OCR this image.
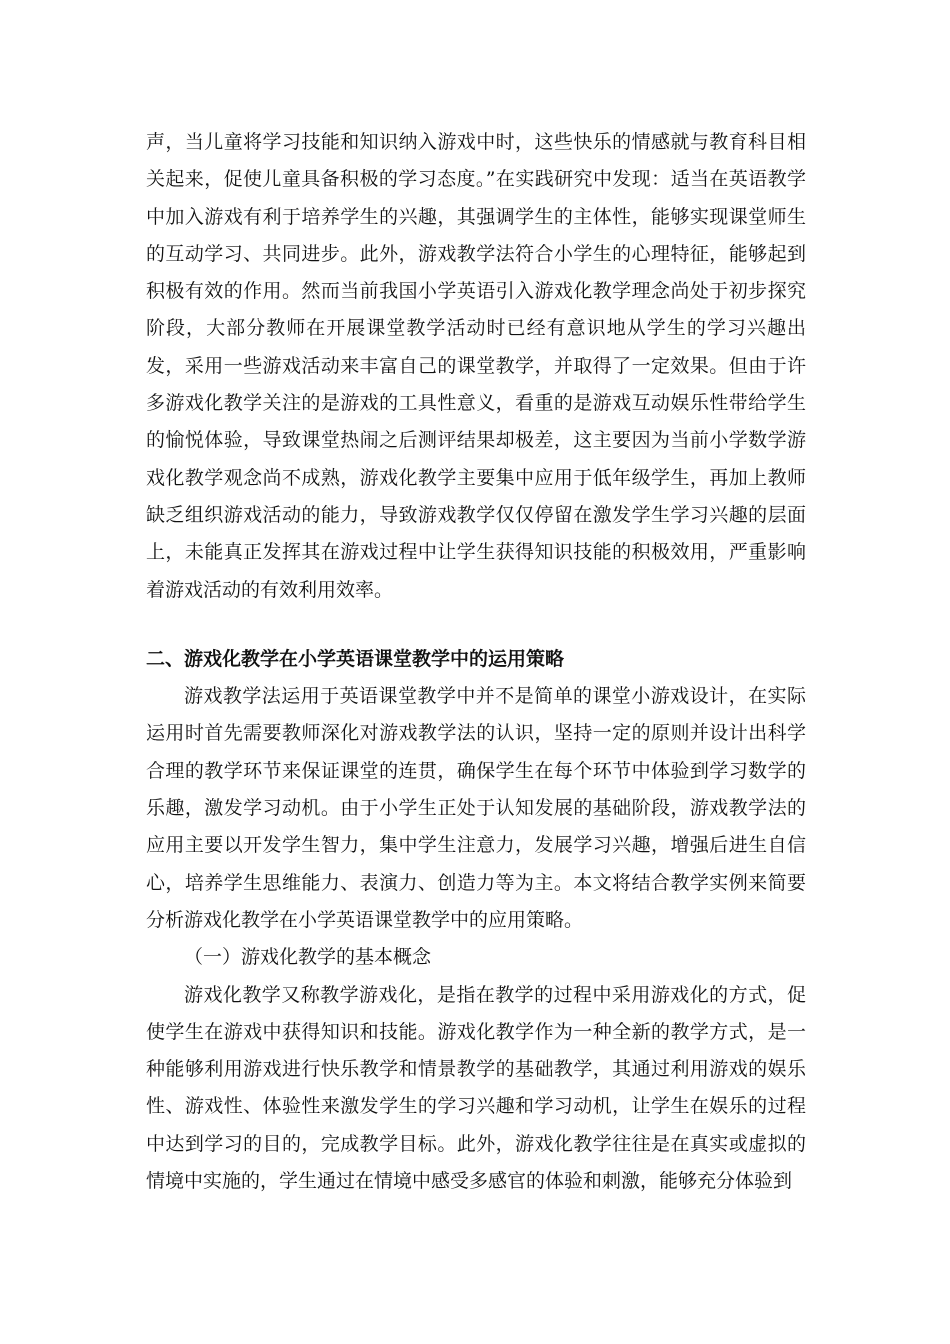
声，当儿童将学习技能和知识纳入游戏中时，这些快乐的情感就与教育科目相关起来，促使儿童具备积极的学习态度。”在实践研究中发现：适当在英语教学中加入游戏有利于培养学生的兴趣，其强调学生的主体性，能够实现课堂师生的互动学习、共同进步。此外，游戏教学法符合小学生的心理特征，能够起到积极有效的作用。然而当前我国小学英语引入游戏化教学理念尚处于初步探究阶段，大部分教师在开展课堂教学活动时已经有意识地从学生的学习兴趣出发，采用一些游戏活动来丰富自己的课堂教学，并取得了一定效果。但由于许多游戏化教学关注的是游戏的工具性意义，看重的是游戏互动娱乐性带给学生的愉悦体验，导致课堂热闹之后测评结果却极差，这主要因为当前小学数学游戏化教学观念尚不成熟，游戏化教学主要集中应用于低年级学生，再加上教师缺乏组织游戏活动的能力，导致游戏教学仅仅停留在激发学生学习兴趣的层面上，未能真正发挥其在游戏过程中让学生获得知识技能的积极效用，严重影响着游戏活动的有效利用效率。

二、游戏化教学在小学英语课堂教学中的运用策略

游戏教学法运用于英语课堂教学中并不是简单的课堂小游戏设计，在实际运用时首先需要教师深化对游戏教学法的认识，坚持一定的原则并设计出科学合理的教学环节来保证课堂的连贯，确保学生在每个环节中体验到学习数学的乐趣，激发学习动机。由于小学生正处于认知发展的基础阶段，游戏教学法的应用主要以开发学生智力，集中学生注意力，发展学习兴趣，增强后进生自信心，培养学生思维能力、表演力、创造力等为主。本文将结合教学实例来简要分析游戏化教学在小学英语课堂教学中的应用策略。

（一）游戏化教学的基本概念

游戏化教学又称教学游戏化，是指在教学的过程中采用游戏化的方式，促使学生在游戏中获得知识和技能。游戏化教学作为一种全新的教学方式，是一种能够利用游戏进行快乐教学和情景教学的基础教学，其通过利用游戏的娱乐性、游戏性、体验性来激发学生的学习兴趣和学习动机，让学生在娱乐的过程中达到学习的目的，完成教学目标。此外，游戏化教学往往是在真实或虚拟的情境中实施的，学生通过在情境中感受多感官的体验和刺激，能够充分体验到
